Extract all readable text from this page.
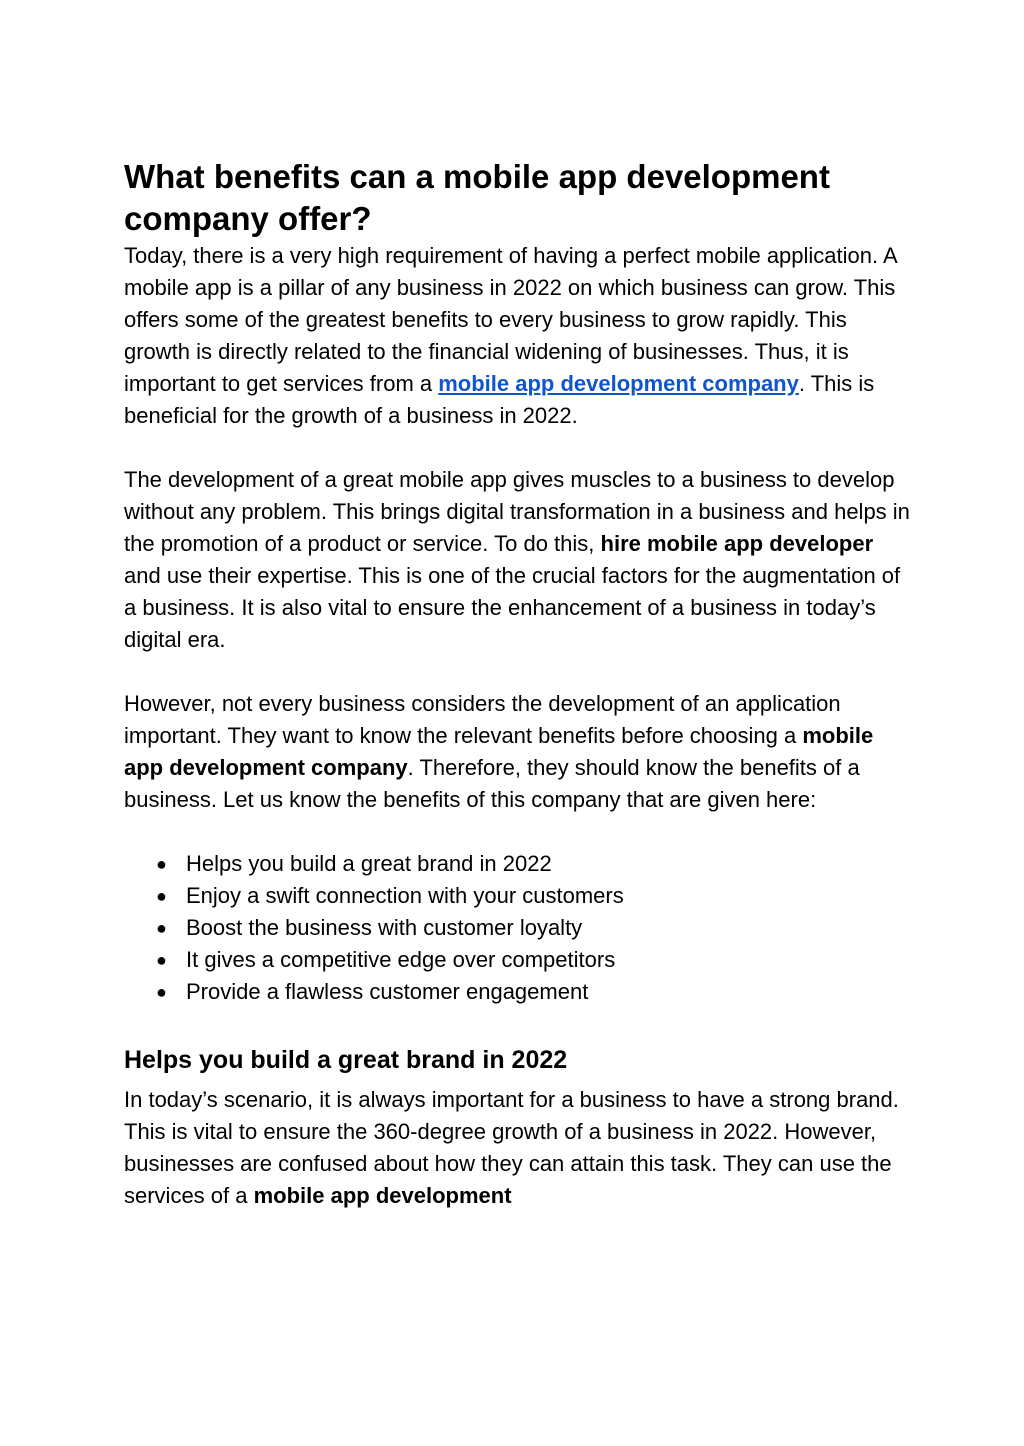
What benefits can a mobile app development
company offer?

Today, there is a very high requirement of having a perfect mobile application. A mobile app is a pillar of any business in 2022 on which business can grow. This offers some of the greatest benefits to every business to grow rapidly. This growth is directly related to the financial widening of businesses. Thus, it is important to get services from a mobile app development company. This is beneficial for the growth of a business in 2022.

The development of a great mobile app gives muscles to a business to develop without any problem. This brings digital transformation in a business and helps in the promotion of a product or service. To do this, hire mobile app developer and use their expertise. This is one of the crucial factors for the augmentation of a business. It is also vital to ensure the enhancement of a business in today’s digital era.

However, not every business considers the development of an application important. They want to know the relevant benefits before choosing a mobile app development company. Therefore, they should know the benefits of a business. Let us know the benefits of this company that are given here:

● Helps you build a great brand in 2022
● Enjoy a swift connection with your customers
● Boost the business with customer loyalty
● It gives a competitive edge over competitors
● Provide a flawless customer engagement
Helps you build a great brand in 2022

In today’s scenario, it is always important for a business to have a strong brand. This is vital to ensure the 360-degree growth of a business in 2022. However, businesses are confused about how they can attain this task. They can use the services of a mobile app development
